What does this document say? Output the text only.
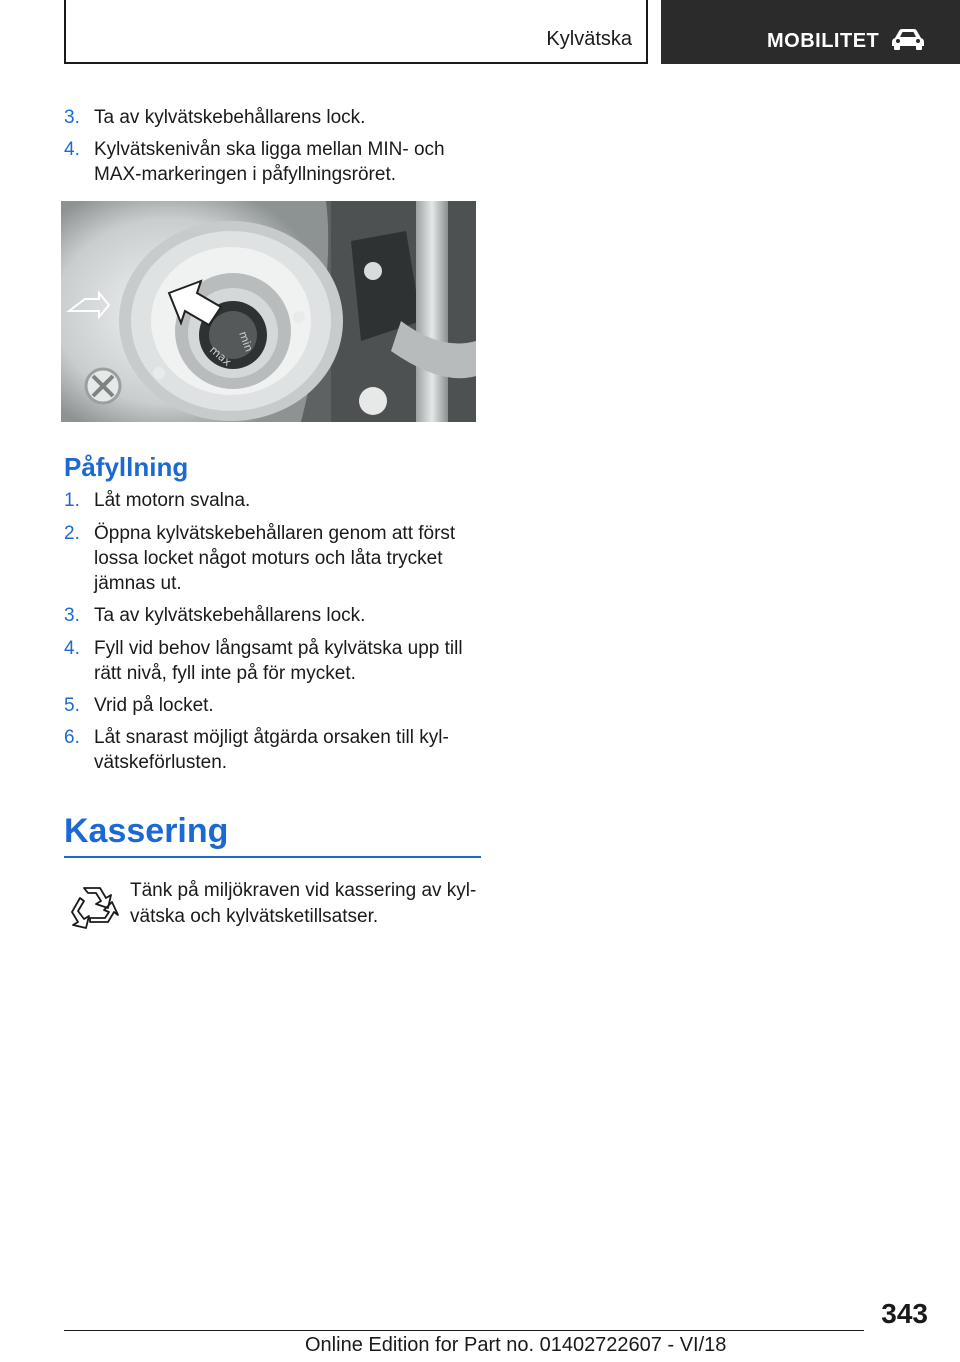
Kylvätska	MOBILITET
3. Ta av kylvätskebehållarens lock.
4. Kylvätskenivån ska ligga mellan MIN- och MAX-markeringen i påfyllningsröret.
max
min
Påfyllning
1. Låt motorn svalna.
2. Öppna kylvätskebehållaren genom att först lossa locket något moturs och låta trycket jämnas ut.
3. Ta av kylvätskebehållarens lock.
4. Fyll vid behov långsamt på kylvätska upp till rätt nivå, fyll inte på för mycket.
5. Vrid på locket.
6. Låt snarast möjligt åtgärda orsaken till kylvätskeförlusten.
Kassering
Tänk på miljökraven vid kassering av kylvätska och kylvätsketillsatser.
343
Online Edition for Part no. 01402722607 - VI/18
